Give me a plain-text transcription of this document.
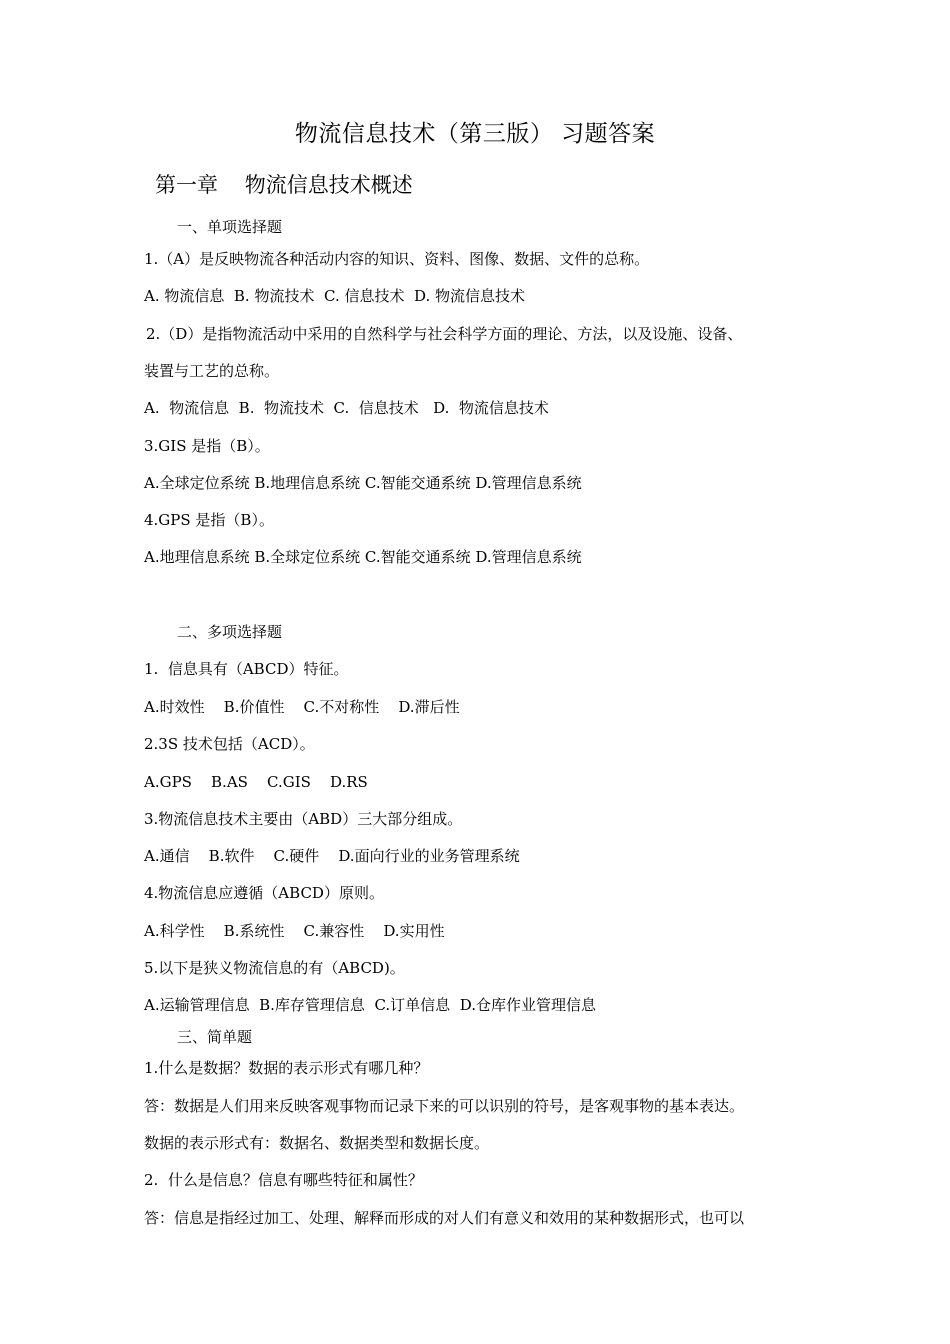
物流信息技术（第三版） 习题答案
第一章    物流信息技术概述
一、单项选择题
1.（A）是反映物流各种活动内容的知识、资料、图像、数据、文件的总称。
A. 物流信息  B. 物流技术  C. 信息技术  D. 物流信息技术
2.（D）是指物流活动中采用的自然科学与社会科学方面的理论、方法，以及设施、设备、
装置与工艺的总称。
A.  物流信息  B.  物流技术  C.  信息技术   D.  物流信息技术
3.GIS 是指（B）。
A.全球定位系统 B.地理信息系统 C.智能交通系统 D.管理信息系统
4.GPS 是指（B）。
A.地理信息系统 B.全球定位系统 C.智能交通系统 D.管理信息系统
二、多项选择题
1.  信息具有（ABCD）特征。
A.时效性    B.价值性    C.不对称性    D.滞后性
2.3S 技术包括（ACD）。
A.GPS    B.AS    C.GIS    D.RS
3.物流信息技术主要由（ABD）三大部分组成。
A.通信    B.软件    C.硬件    D.面向行业的业务管理系统
4.物流信息应遵循（ABCD）原则。
A.科学性    B.系统性    C.兼容性    D.实用性
5.以下是狭义物流信息的有（ABCD)。
A.运输管理信息  B.库存管理信息  C.订单信息  D.仓库作业管理信息
三、简单题
1.什么是数据？数据的表示形式有哪几种？
答：数据是人们用来反映客观事物而记录下来的可以识别的符号，是客观事物的基本表达。
数据的表示形式有：数据名、数据类型和数据长度。
2.  什么是信息？信息有哪些特征和属性？
答：信息是指经过加工、处理、解释而形成的对人们有意义和效用的某种数据形式，也可以
